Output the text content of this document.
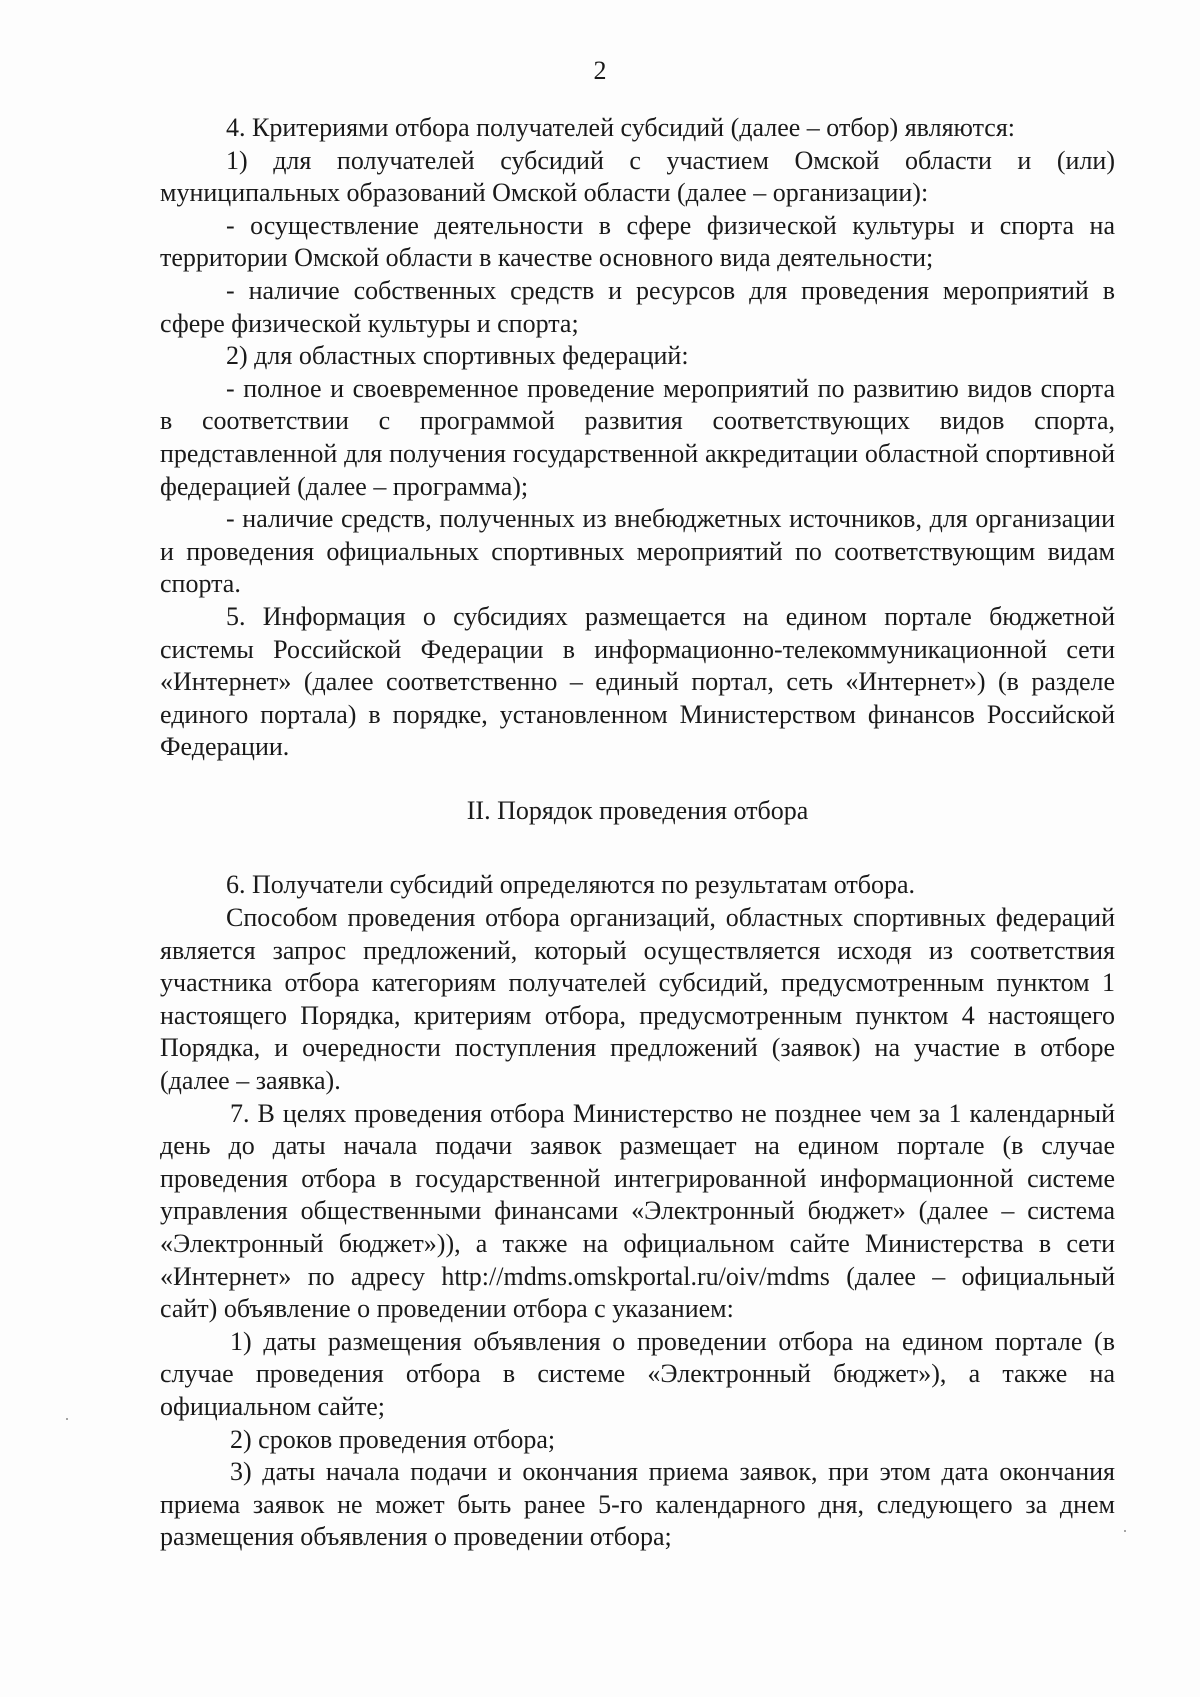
2

4. Критериями отбора получателей субсидий (далее – отбор) являются:

1) для получателей субсидий с участием Омской области и (или) муниципальных образований Омской области (далее – организации):

- осуществление деятельности в сфере физической культуры и спорта на территории Омской области в качестве основного вида деятельности;

- наличие собственных средств и ресурсов для проведения мероприятий в сфере физической культуры и спорта;

2) для областных спортивных федераций:

- полное и своевременное проведение мероприятий по развитию видов спорта в соответствии с программой развития соответствующих видов спорта, представленной для получения государственной аккредитации областной спортивной федерацией (далее – программа);

- наличие средств, полученных из внебюджетных источников, для организации и проведения официальных спортивных мероприятий по соответствующим видам спорта.

5. Информация о субсидиях размещается на едином портале бюджетной системы Российской Федерации в информационно-телекоммуникационной сети «Интернет» (далее соответственно – единый портал, сеть «Интернет») (в разделе единого портала) в порядке, установленном Министерством финансов Российской Федерации.

II. Порядок проведения отбора

6. Получатели субсидий определяются по результатам отбора.

Способом проведения отбора организаций, областных спортивных федераций является запрос предложений, который осуществляется исходя из соответствия участника отбора категориям получателей субсидий, предусмотренным пунктом 1 настоящего Порядка, критериям отбора, предусмотренным пунктом 4 настоящего Порядка, и очередности поступления предложений (заявок) на участие в отборе (далее – заявка).

7. В целях проведения отбора Министерство не позднее чем за 1 календарный день до даты начала подачи заявок размещает на едином портале (в случае проведения отбора в государственной интегрированной информационной системе управления общественными финансами «Электронный бюджет» (далее – система «Электронный бюджет»)), а также на официальном сайте Министерства в сети «Интернет» по адресу http://mdms.omskportal.ru/oiv/mdms (далее – официальный сайт) объявление о проведении отбора с указанием:

1) даты размещения объявления о проведении отбора на едином портале (в случае проведения отбора в системе «Электронный бюджет»), а также на официальном сайте;

2) сроков проведения отбора;

3) даты начала подачи и окончания приема заявок, при этом дата окончания приема заявок не может быть ранее 5-го календарного дня, следующего за днем размещения объявления о проведении отбора;
